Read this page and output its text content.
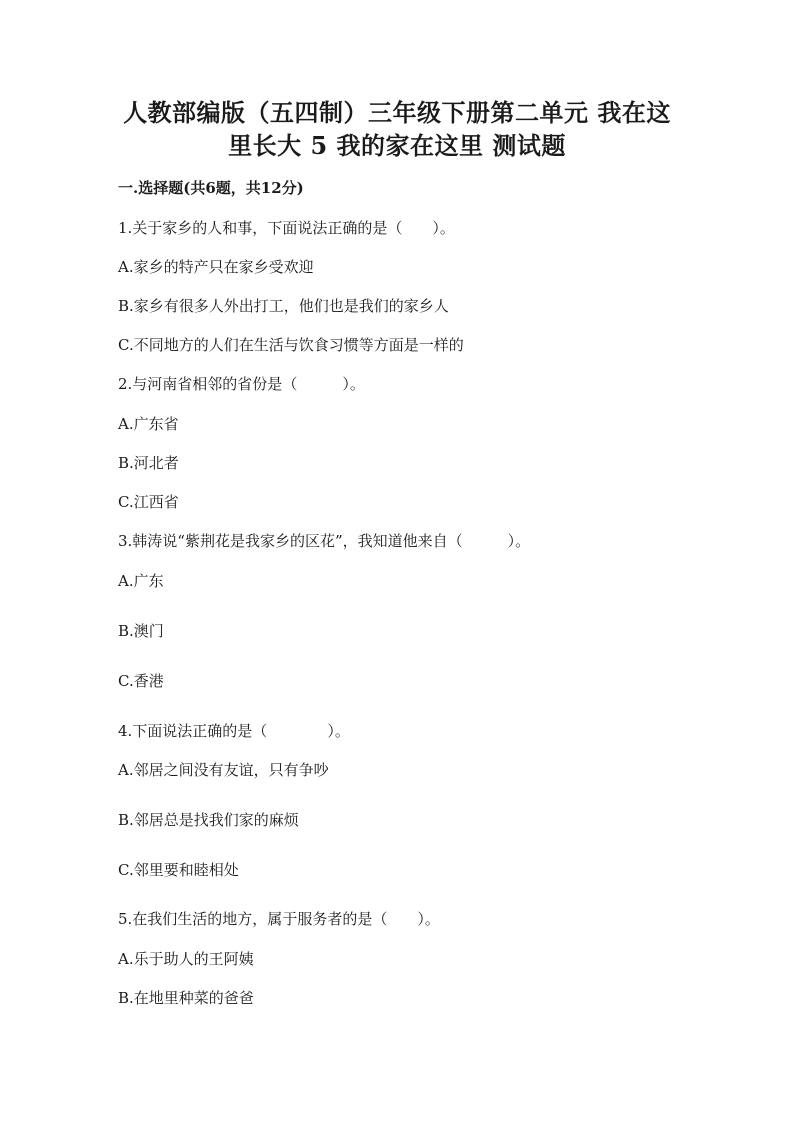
人教部编版（五四制）三年级下册第二单元 我在这
里长大 5 我的家在这里 测试题
一.选择题(共6题，共12分)
1.关于家乡的人和事，下面说法正确的是（　　）。
A.家乡的特产只在家乡受欢迎
B.家乡有很多人外出打工，他们也是我们的家乡人
C.不同地方的人们在生活与饮食习惯等方面是一样的
2.与河南省相邻的省份是（　　　）。
A.广东省
B.河北者
C.江西省
3.韩涛说“紫荆花是我家乡的区花”，我知道他来自（　　　）。
A.广东
B.澳门
C.香港
4.下面说法正确的是（　　　　）。
A.邻居之间没有友谊，只有争吵
B.邻居总是找我们家的麻烦
C.邻里要和睦相处
5.在我们生活的地方，属于服务者的是（　　）。
A.乐于助人的王阿姨
B.在地里种菜的爸爸
